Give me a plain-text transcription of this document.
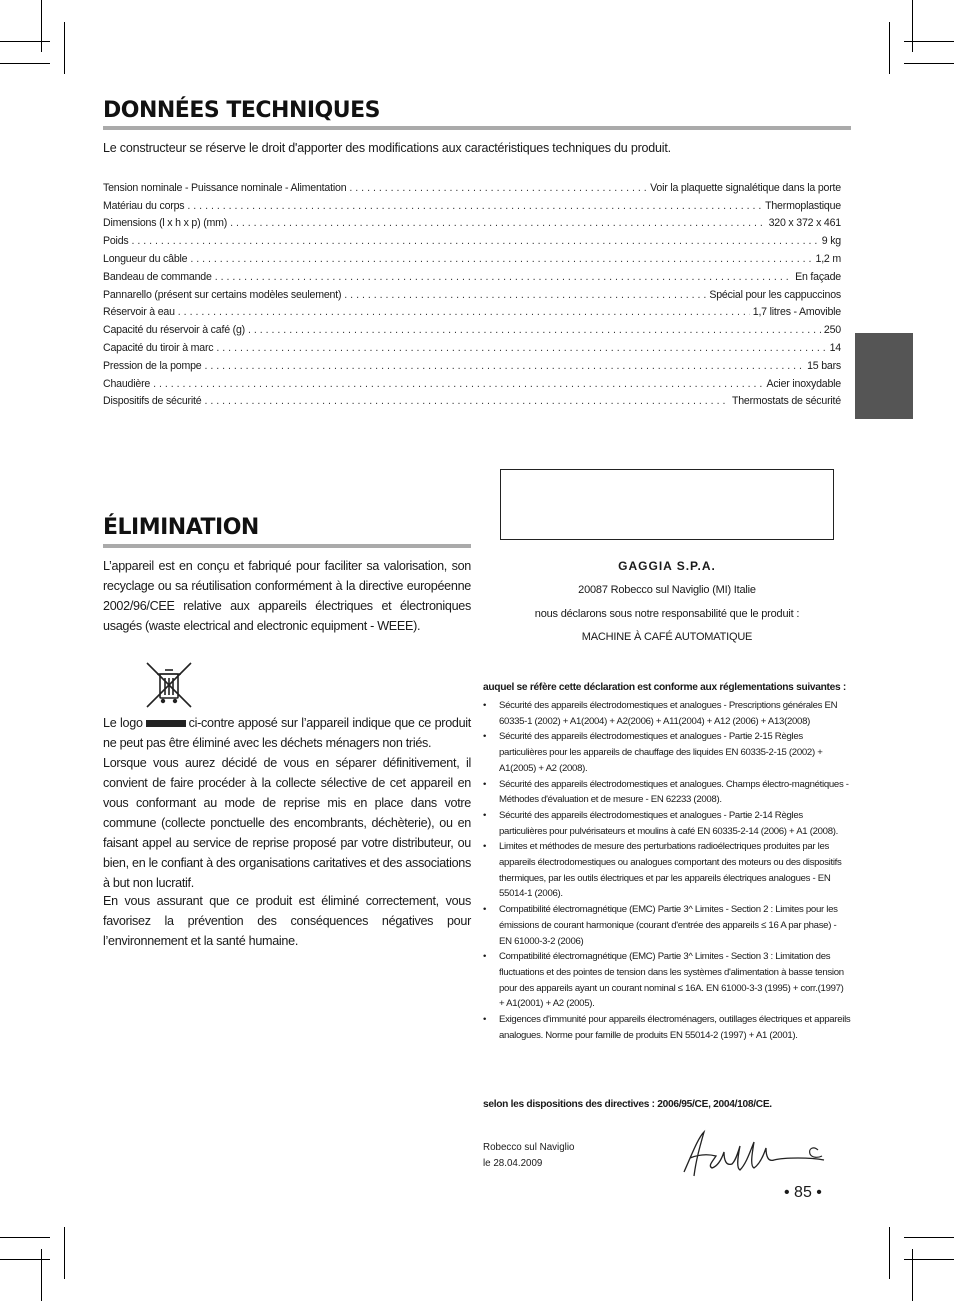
DONNÉES TECHNIQUES
Le constructeur se réserve le droit d'apporter des modifications aux caractéristiques techniques du produit.
Tension nominale - Puissance nominale - Alimentation . . .	Voir la plaquette signalétique dans la porte
Matériau du corps . . .	Thermoplastique
Dimensions (l x h x p) (mm) . . .	320 x 372 x 461
Poids . . .	9 kg
Longueur du câble . . .	1,2 m
Bandeau de commande . . .	En façade
Pannarello (présent sur certains modèles seulement) . . .	Spécial pour les cappuccinos
Réservoir à eau . . .	1,7 litres - Amovible
Capacité du réservoir à café (g) . . .	250
Capacité du tiroir à marc . . .	14
Pression de la pompe . . .	15 bars
Chaudière . . .	Acier inoxydable
Dispositifs de sécurité . . .	Thermostats de sécurité
ÉLIMINATION
L’appareil est en conçu et fabriqué pour faciliter sa valorisation, son recyclage ou sa réutilisation conformément à la directive européenne 2002/96/CEE relative aux appareils électriques et électroniques usagés (waste electrical and electronic equipment - WEEE).
Le logo	ci-contre apposé sur l’appareil indique que ce produit ne peut pas être éliminé avec les déchets ménagers non triés.
Lorsque vous aurez décidé de vous en séparer définitivement, il convient de faire procéder à la collecte sélective de cet appareil en vous conformant au mode de reprise mis en place dans votre commune (collecte ponctuelle des encombrants, déchèterie), ou en faisant appel au service de reprise proposé par votre distributeur, ou bien, en le confiant à des organisations caritatives et des associations à but non lucratif.
En vous assurant que ce produit est éliminé correctement, vous favorisez la prévention des conséquences négatives pour l’environnement et la santé humaine.
GAGGIA S.P.A.
20087 Robecco sul Naviglio (MI) Italie
nous déclarons sous notre responsabilité que le produit :
MACHINE À CAFÉ AUTOMATIQUE
auquel se réfère cette déclaration est conforme aux réglementations suivantes :
• Sécurité des appareils électrodomestiques et analogues - Prescriptions générales EN 60335-1 (2002) + A1(2004) + A2(2006) + A11(2004) + A12 (2006) + A13(2008)
• Sécurité des appareils électrodomestiques et analogues - Partie 2-15 Règles particulières pour les appareils de chauffage des liquides EN 60335-2-15 (2002) + A1(2005) + A2 (2008).
• Sécurité des appareils électrodomestiques et analogues. Champs électro-magnétiques - Méthodes d'évaluation et de mesure - EN 62233 (2008).
• Sécurité des appareils électrodomestiques et analogues - Partie 2-14 Règles particulières pour pulvérisateurs et moulins à café EN 60335-2-14 (2006) + A1 (2008).
• Limites et méthodes de mesure des perturbations radioélectriques produites par les appareils électrodomestiques ou analogues comportant des moteurs ou des dispositifs thermiques, par les outils électriques et par les appareils électriques analogues - EN 55014-1 (2006).
• Compatibilité électromagnétique (EMC) Partie 3^ Limites - Section 2 : Limites pour les émissions de courant harmonique (courant d'entrée des appareils ≤ 16 A par phase) - EN 61000-3-2 (2006)
• Compatibilité électromagnétique (EMC) Partie 3^ Limites - Section 3 : Limitation des fluctuations et des pointes de tension dans les systèmes d'alimentation à basse tension pour des appareils ayant un courant nominal ≤ 16A. EN 61000-3-3 (1995) + corr.(1997) + A1(2001) + A2 (2005).
• Exigences d'immunité pour appareils électroménagers, outillages électriques et appareils analogues. Norme pour famille de produits EN 55014-2 (1997) + A1 (2001).
selon les dispositions des directives : 2006/95/CE, 2004/108/CE.
Robecco sul Naviglio
le 28.04.2009
• 85 •
